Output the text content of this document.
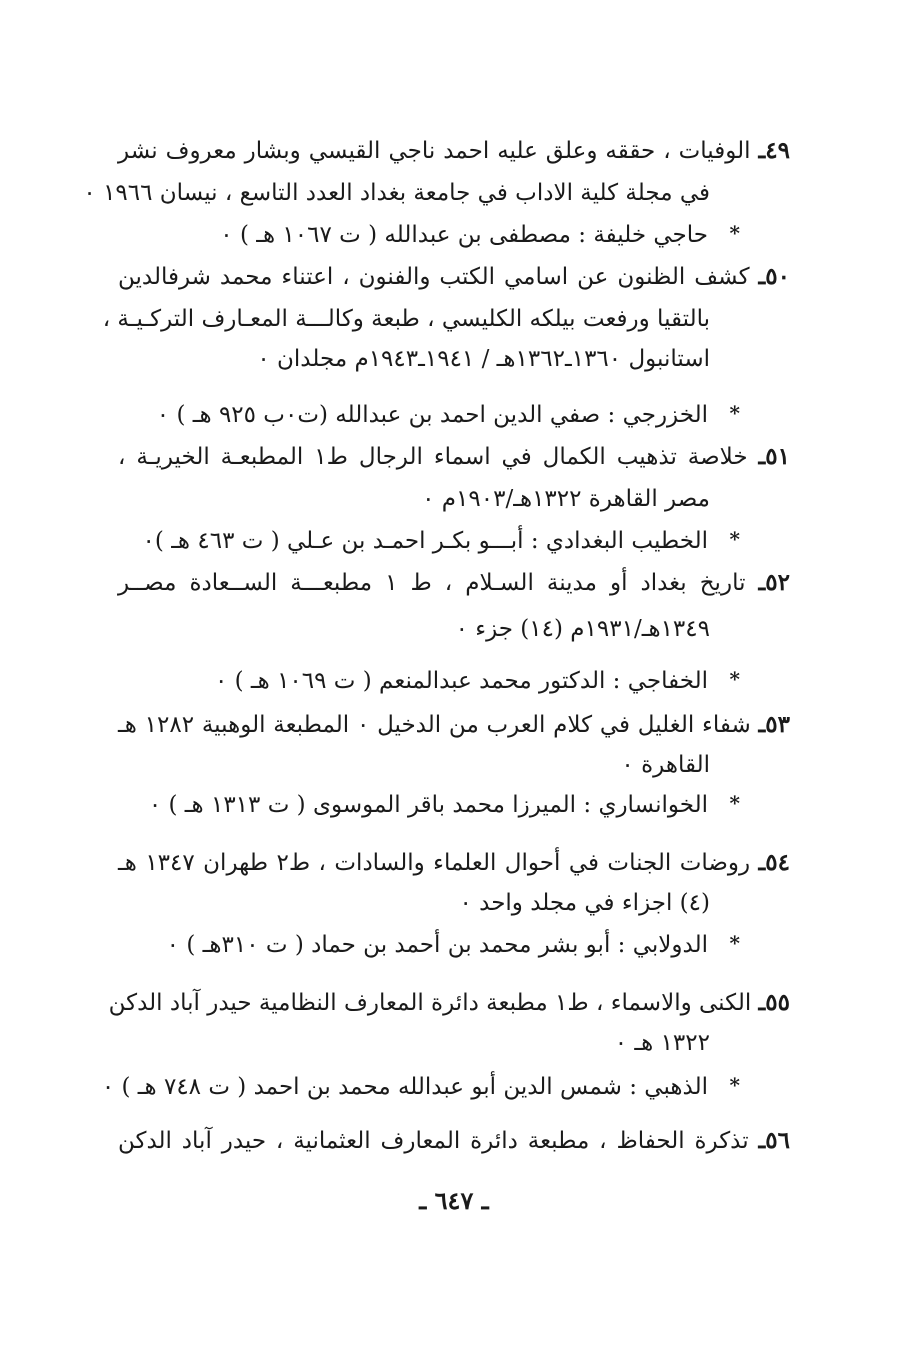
٤٩ـ الوفيات ، حققه وعلق عليه احمد ناجي القيسي وبشار معروف نشر
في مجلة كلية الاداب في جامعة بغداد العدد التاسع ، نيسان ١٩٦٦ ٠
*
حاجي خليفة : مصطفى بن عبدالله ( ت ١٠٦٧ هـ ) ٠
٥٠ـ كشف الظنون عن اسامي الكتب والفنون ، اعتناء محمد شرفالدين
بالتقيا ورفعت بيلكه الكليسي ، طبعة وكالـــة المعـارف التركـيـة ،
استانبول ١٣٦٠ـ١٣٦٢هـ / ١٩٤١ـ١٩٤٣م مجلدان ٠
*
الخزرجي : صفي الدين احمد بن عبدالله (ت٠ب ٩٢٥ هـ ) ٠
٥١ـ خلاصة تذهيب الكمال في اسماء الرجال ط١ المطبعـة الخيريـة ،
مصر القاهرة ١٣٢٢هـ/١٩٠٣م ٠
*
الخطيب البغدادي : أبـــو بكـر احمـد بن عـلي ( ت ٤٦٣ هـ )٠
٥٢ـ تاريخ بغداد أو مدينة السـلام ، ط ١ مطبعـــة الســعادة مصــر
١٣٤٩هـ/١٩٣١م (١٤) جزء ٠
*
الخفاجي : الدكتور محمد عبدالمنعم ( ت ١٠٦٩ هـ ) ٠
٥٣ـ شفاء الغليل في كلام العرب من الدخيل ٠ المطبعة الوهبية ١٢٨٢ هـ
القاهرة ٠
*
الخوانساري : الميرزا محمد باقر الموسوى ( ت ١٣١٣ هـ ) ٠
٥٤ـ روضات الجنات في أحوال العلماء والسادات ، ط٢ طهران ١٣٤٧ هـ
(٤) اجزاء في مجلد واحد ٠
*
الدولابي : أبو بشر محمد بن أحمد بن حماد ( ت ٣١٠هـ ) ٠
٥٥ـ الكنى والاسماء ، ط١ مطبعة دائرة المعارف النظامية حيدر آباد الدكن
١٣٢٢ هـ ٠
*
الذهبي : شمس الدين أبو عبدالله محمد بن احمد ( ت ٧٤٨ هـ ) ٠
٥٦ـ تذكرة الحفاظ ، مطبعة دائرة المعارف العثمانية ، حيدر آباد الدكن
ـ ٦٤٧ ـ
